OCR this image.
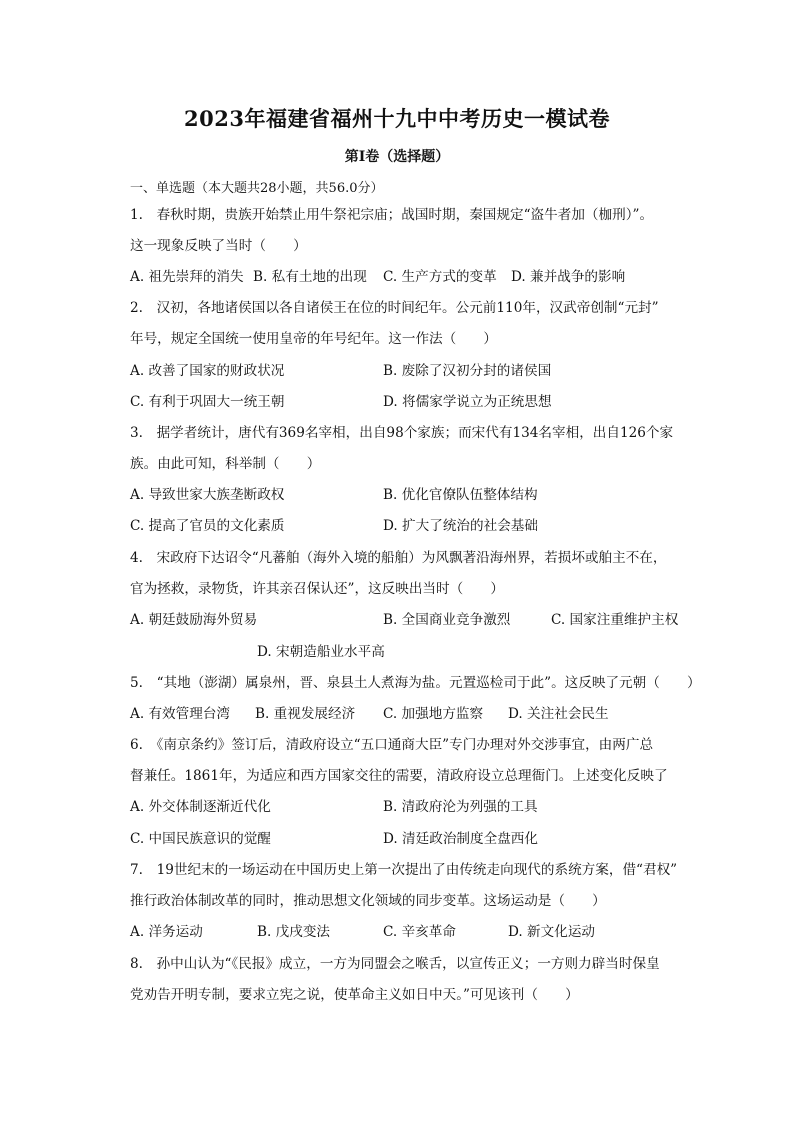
2023年福建省福州十九中中考历史一模试卷
第I卷（选择题）
一、单选题（本大题共28小题，共56.0分）
1.　春秋时期，贵族开始禁止用牛祭祀宗庙；战国时期，秦国规定“盗牛者加（枷刑）”。
这一现象反映了当时（　　）
A. 祖先崇拜的消失 B. 私有土地的出现 C. 生产方式的变革 D. 兼并战争的影响
2.　汉初，各地诸侯国以各自诸侯王在位的时间纪年。公元前110年，汉武帝创制“元封”
年号，规定全国统一使用皇帝的年号纪年。这一作法（　　）
A. 改善了国家的财政状况	B. 废除了汉初分封的诸侯国
C. 有利于巩固大一统王朝	D. 将儒家学说立为正统思想
3.　据学者统计，唐代有369名宰相，出自98个家族；而宋代有134名宰相，出自126个家
族。由此可知，科举制（　　）
A. 导致世家大族垄断政权	B. 优化官僚队伍整体结构
C. 提高了官员的文化素质	D. 扩大了统治的社会基础
4.　宋政府下达诏令“凡蕃舶（海外入境的船舶）为风飘著沿海州界，若损坏或舶主不在，
官为拯救，录物货，许其亲召保认还”，这反映出当时（　　）
A. 朝廷鼓励海外贸易	B. 全国商业竞争激烈	C. 国家注重维护主权
D. 宋朝造船业水平高
5.　“其地（澎湖）属泉州，晋、泉县土人煮海为盐。元置巡检司于此”。这反映了元朝（　　）
A. 有效管理台湾 B. 重视发展经济 C. 加强地方监察 D. 关注社会民生
6.　《南京条约》签订后，清政府设立“五口通商大臣”专门办理对外交涉事宜，由两广总
督兼任。1861年，为适应和西方国家交往的需要，清政府设立总理衙门。上述变化反映了
A. 外交体制逐渐近代化	B. 清政府沦为列强的工具
C. 中国民族意识的觉醒	D. 清廷政治制度全盘西化
7.　19世纪末的一场运动在中国历史上第一次提出了由传统走向现代的系统方案，借“君权”
推行政治体制改革的同时，推动思想文化领域的同步变革。这场运动是（　　）
A. 洋务运动	B. 戊戌变法	C. 辛亥革命	D. 新文化运动
8.　孙中山认为“《民报》成立，一方为同盟会之喉舌，以宣传正义；一方则力辟当时保皇
党劝告开明专制，要求立宪之说，使革命主义如日中天。”可见该刊（　　）
